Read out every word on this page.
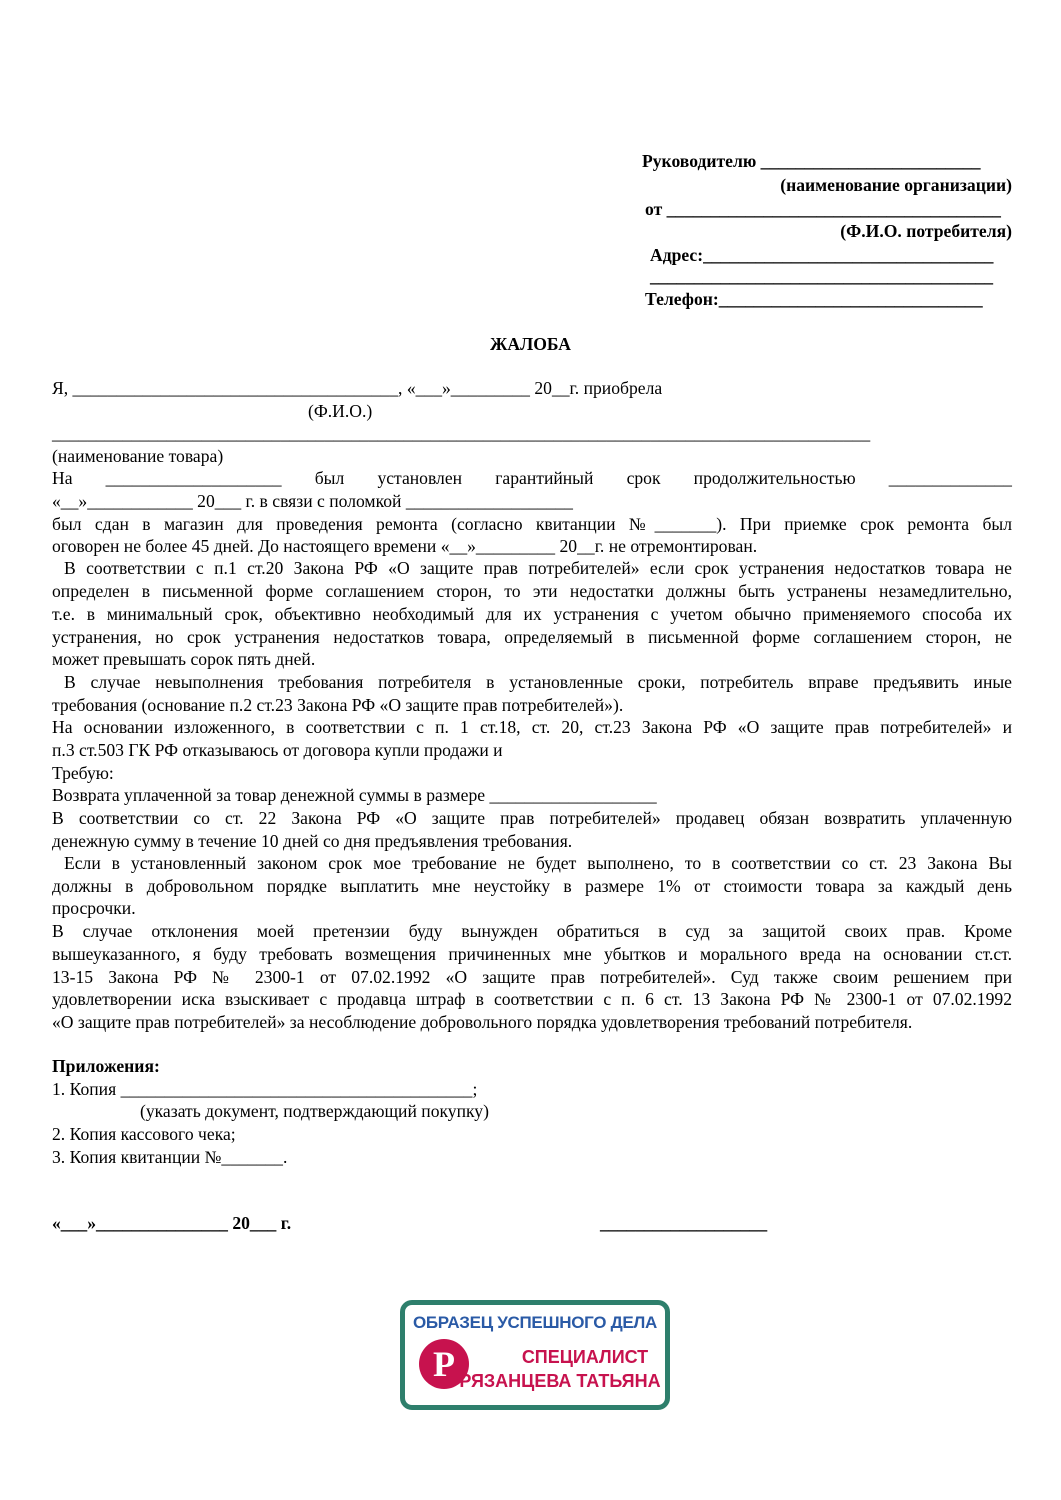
Руководителю _________________________
(наименование организации)
от ______________________________________
(Ф.И.О. потребителя)
Адрес:_________________________________
_______________________________________
Телефон:______________________________
ЖАЛОБА
Я, _____________________________________, «___»_________ 20__г. приобрела
(Ф.И.О.)
_____________________________________________________________________________________________
(наименование товара)
На ____________________ был установлен гарантийный срок продолжительностью ______________
«__»____________ 20___ г. в связи с поломкой ___________________
был сдан в магазин для проведения ремонта (согласно квитанции №_______). При приемке срок ремонта был
оговорен не более 45 дней. До настоящего времени «__»_________ 20__г. не отремонтирован.
В соответствии с п.1 ст.20 Закона РФ «О защите прав потребителей» если срок устранения недостатков товара не
определен в письменной форме соглашением сторон, то эти недостатки должны быть устранены незамедлительно,
т.е. в минимальный срок, объективно необходимый для их устранения с учетом обычно применяемого способа их
устранения, но срок устранения недостатков товара, определяемый в письменной форме соглашением сторон, не
может превышать сорок пять дней.
В случае невыполнения требования потребителя в установленные сроки, потребитель вправе предъявить иные
требования (основание п.2 ст.23 Закона РФ «О защите прав потребителей»).
На основании изложенного, в соответствии с п. 1 ст.18, ст. 20, ст.23 Закона РФ «О защите прав потребителей» и
п.3 ст.503 ГК РФ отказываюсь от договора купли продажи и
Требую:
Возврата уплаченной за товар денежной суммы в размере ___________________
В соответствии со ст. 22 Закона РФ «О защите прав потребителей» продавец обязан возвратить уплаченную
денежную сумму в течение 10 дней со дня предъявления требования.
Если в установленный законом срок мое требование не будет выполнено, то в соответствии со ст. 23 Закона Вы
должны в добровольном порядке выплатить мне неустойку в размере 1% от стоимости товара за каждый день
просрочки.
В случае отклонения моей претензии буду вынужден обратиться в суд за защитой своих прав. Кроме
вышеуказанного, я буду требовать возмещения причиненных мне убытков и морального вреда на основании ст.ст.
13-15 Закона РФ № 2300-1 от 07.02.1992 «О защите прав потребителей». Суд также своим решением при
удовлетворении иска взыскивает с продавца штраф в соответствии с п. 6 ст. 13 Закона РФ № 2300-1 от 07.02.1992
«О защите прав потребителей» за несоблюдение добровольного порядка удовлетворения требований потребителя.
Приложения:
1. Копия ________________________________________;
(указать документ, подтверждающий покупку)
2. Копия кассового чека;
3. Копия квитанции №_______.
«___»_______________ 20___ г.	___________________
ОБРАЗЕЦ УСПЕШНОГО ДЕЛА
P	СПЕЦИАЛИСТ
РЯЗАНЦЕВА ТАТЬЯНА
